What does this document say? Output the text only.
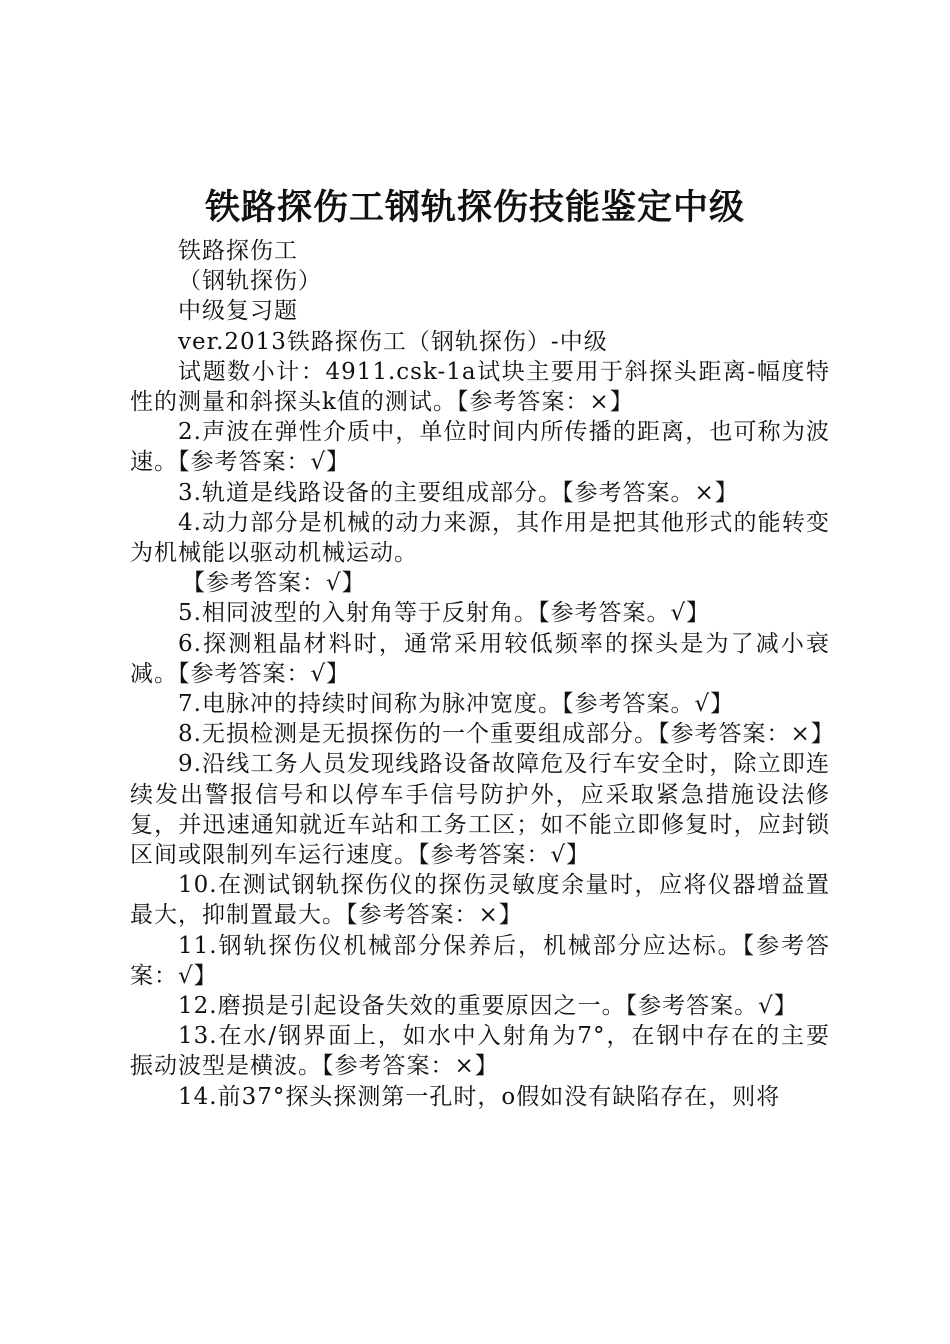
铁路探伤工钢轨探伤技能鉴定中级

铁路探伤工

（钢轨探伤）

中级复习题

ver.2013铁路探伤工（钢轨探伤）-中级

试题数小计：4911.csk-1a试块主要用于斜探头距离-幅度特性的测量和斜探头k值的测试。【参考答案：×】

2.声波在弹性介质中，单位时间内所传播的距离，也可称为波速。【参考答案：√】

3.轨道是线路设备的主要组成部分。【参考答案。×】

4.动力部分是机械的动力来源，其作用是把其他形式的能转变为机械能以驱动机械运动。

【参考答案：√】

5.相同波型的入射角等于反射角。【参考答案。√】

6.探测粗晶材料时，通常采用较低频率的探头是为了减小衰减。【参考答案：√】

7.电脉冲的持续时间称为脉冲宽度。【参考答案。√】

8.无损检测是无损探伤的一个重要组成部分。【参考答案：×】

9.沿线工务人员发现线路设备故障危及行车安全时，除立即连续发出警报信号和以停车手信号防护外，应采取紧急措施设法修复，并迅速通知就近车站和工务工区；如不能立即修复时，应封锁区间或限制列车运行速度。【参考答案：√】

10.在测试钢轨探伤仪的探伤灵敏度余量时，应将仪器增益置最大，抑制置最大。【参考答案：×】

11.钢轨探伤仪机械部分保养后，机械部分应达标。【参考答案：√】

12.磨损是引起设备失效的重要原因之一。【参考答案。√】

13.在水/钢界面上，如水中入射角为7°，在钢中存在的主要振动波型是横波。【参考答案：×】

14.前37°探头探测第一孔时，o假如没有缺陷存在，则将
